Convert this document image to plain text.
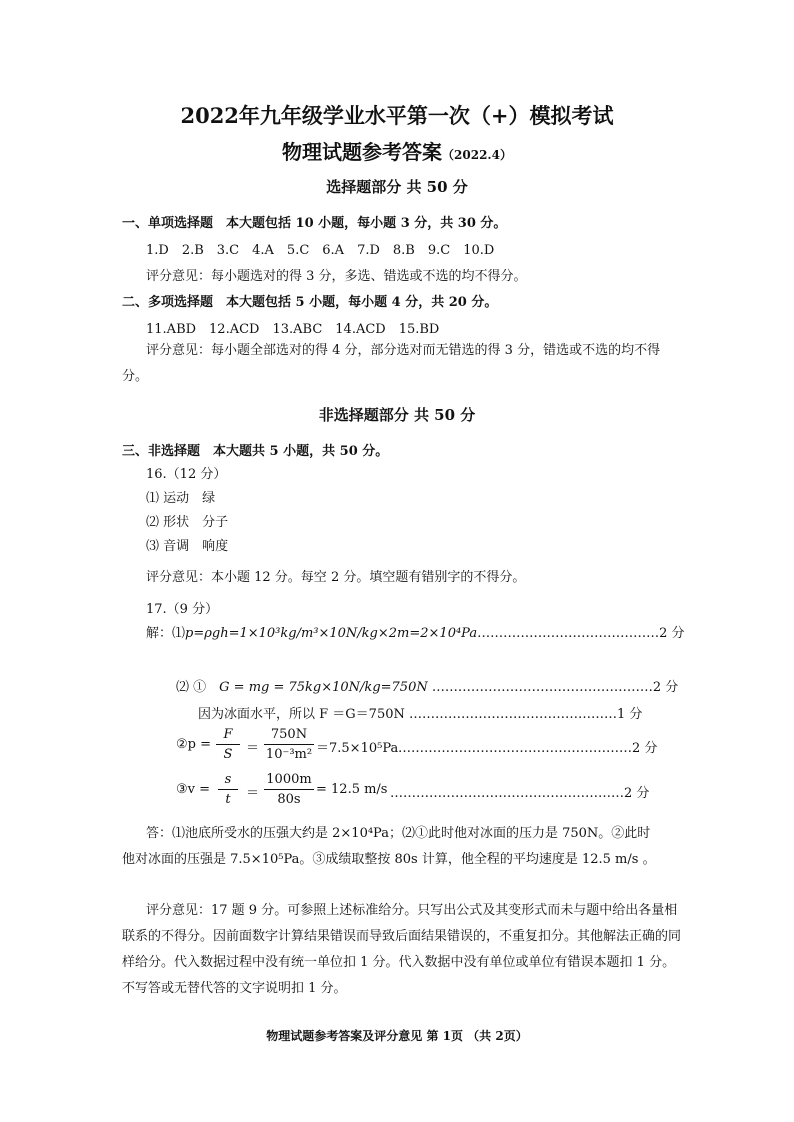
2022年九年级学业水平第一次（+）模拟考试
物理试题参考答案（2022.4）
选择题部分 共 50 分
一、单项选择题　 本大题包括 10 小题，每小题 3 分，共 30 分。
1.D　2.B　3.C　4.A　5.C　6.A　7.D　8.B　9.C　10.D
评分意见：每小题选对的得 3 分，多选、错选或不选的均不得分。
二、多项选择题　 本大题包括 5 小题，每小题 4 分，共 20 分。
11.ABD　12.ACD　13.ABC　14.ACD　15.BD
评分意见：每小题全部选对的得 4 分，部分选对而无错选的得 3 分，错选或不选的均不得分。
非选择题部分 共 50 分
三、非选择题　 本大题共 5 小题，共 50 分。
16.（12 分）
⑴ 运动　绿
⑵ 形状　分子
⑶ 音调　响度
评分意见：本小题 12 分。每空 2 分。填空题有错别字的不得分。
17.（9 分）
解：⑴p=ρgh=1×10³kg/m³×10N/kg×2m=2×10⁴Pa……………………………………2 分
⑵ ①　 G = mg = 75kg×10N/kg=750N ……………………………………………2 分
因为冰面水平，所以 F ＝G＝750N …………………………………………1 分
②p =
F
S	＝
750N
10⁻³m² ＝7.5×10⁵Pa ………………………………………………2 分
③v =
s
t	＝
1000m
80s
= 12.5 m/s ………………………………………………2 分
答：⑴池底所受水的压强大约是 2×10⁴Pa；⑵①此时他对冰面的压力是 750N。②此时
他对冰面的压强是 7.5×10⁵Pa。③成绩取整按 80s 计算，他全程的平均速度是 12.5 m/s 。
评分意见：17 题 9 分。可参照上述标准给分。只写出公式及其变形式而未与题中给出各量相联系的不得分。因前面数字计算结果错误而导致后面结果错误的，不重复扣分。其他解法正确的同样给分。代入数据过程中没有统一单位扣 1 分。代入数据中没有单位或单位有错误本题扣 1 分。不写答或无替代答的文字说明扣 1 分。
物理试题参考答案及评分意见 第 1页 （共 2页）
